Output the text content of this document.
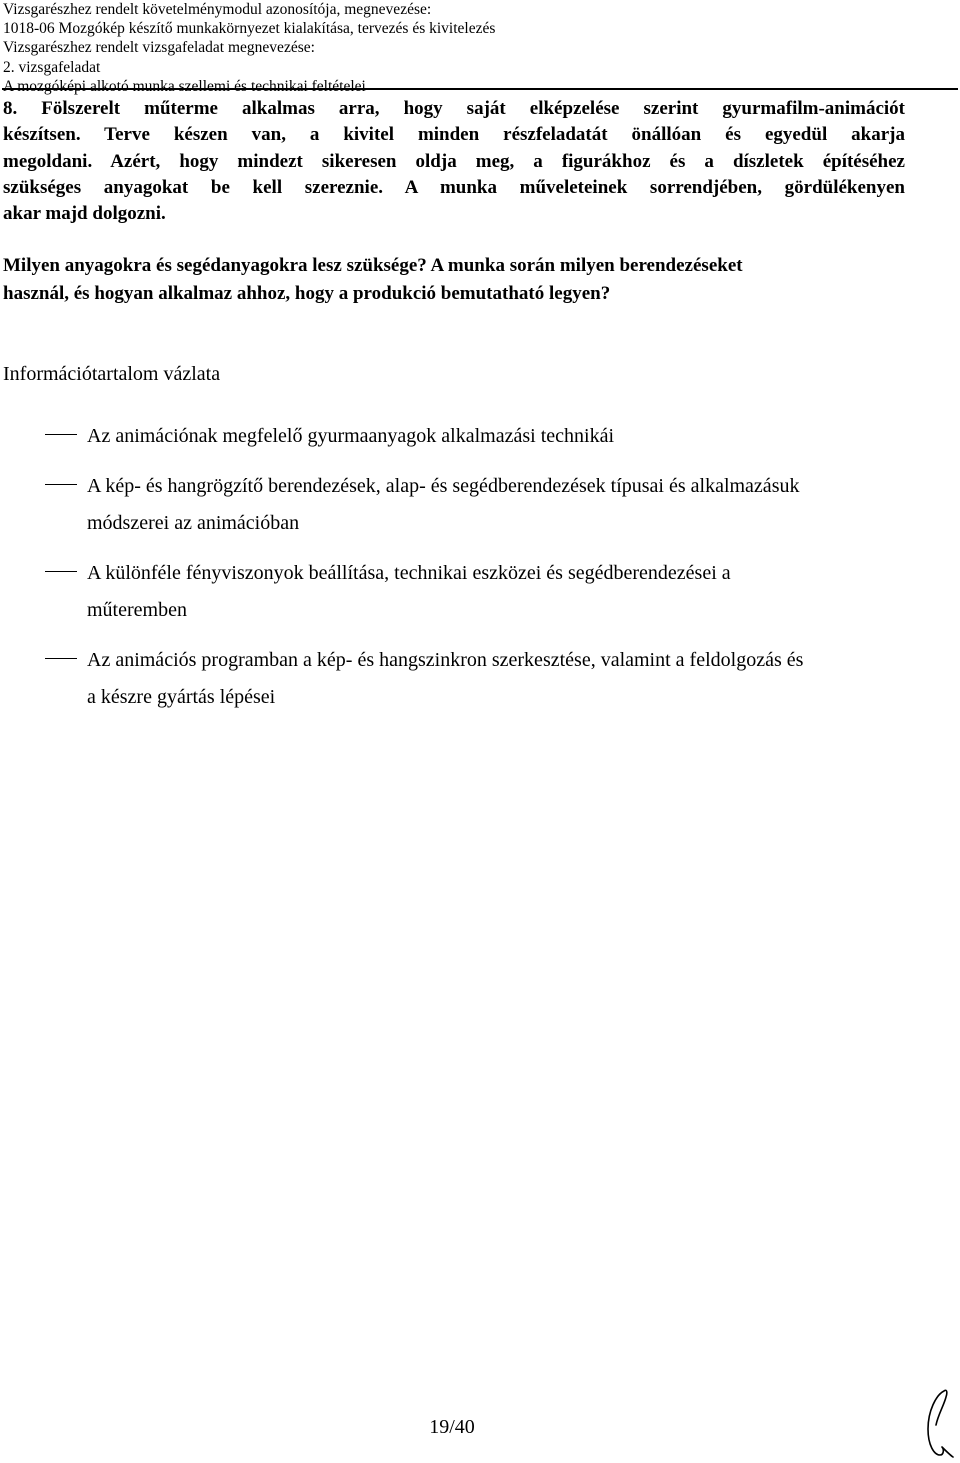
Vizsgarészhez rendelt követelménymodul azonosítója, megnevezése:
1018-06 Mozgókép készítő munkakörnyezet kialakítása, tervezés és kivitelezés
Vizsgarészhez rendelt vizsgafeladat megnevezése:
2. vizsgafeladat
A mozgóképi alkotó munka szellemi és technikai feltételei
8. Fölszerelt műterme alkalmas arra, hogy saját elképzelése szerint gyurmafilm-animációt
készítsen. Terve készen van, a kivitel minden részfeladatát önállóan és egyedül akarja
megoldani. Azért, hogy mindezt sikeresen oldja meg, a figurákhoz és a díszletek építéséhez
szükséges anyagokat be kell szereznie. A munka műveleteinek sorrendjében, gördülékenyen
akar majd dolgozni.
Milyen anyagokra és segédanyagokra lesz szüksége? A munka során milyen berendezéseket
használ, és hogyan alkalmaz ahhoz, hogy a produkció bemutatható legyen?
Információtartalom vázlata
Az animációnak megfelelő gyurmaanyagok alkalmazási technikái
A kép- és hangrögzítő berendezések, alap- és segédberendezések típusai és alkalmazásuk
módszerei az animációban
A különféle fényviszonyok beállítása, technikai eszközei és segédberendezései a
műteremben
Az animációs programban a kép- és hangszinkron szerkesztése, valamint a feldolgozás és
a készre gyártás lépései
19/40
